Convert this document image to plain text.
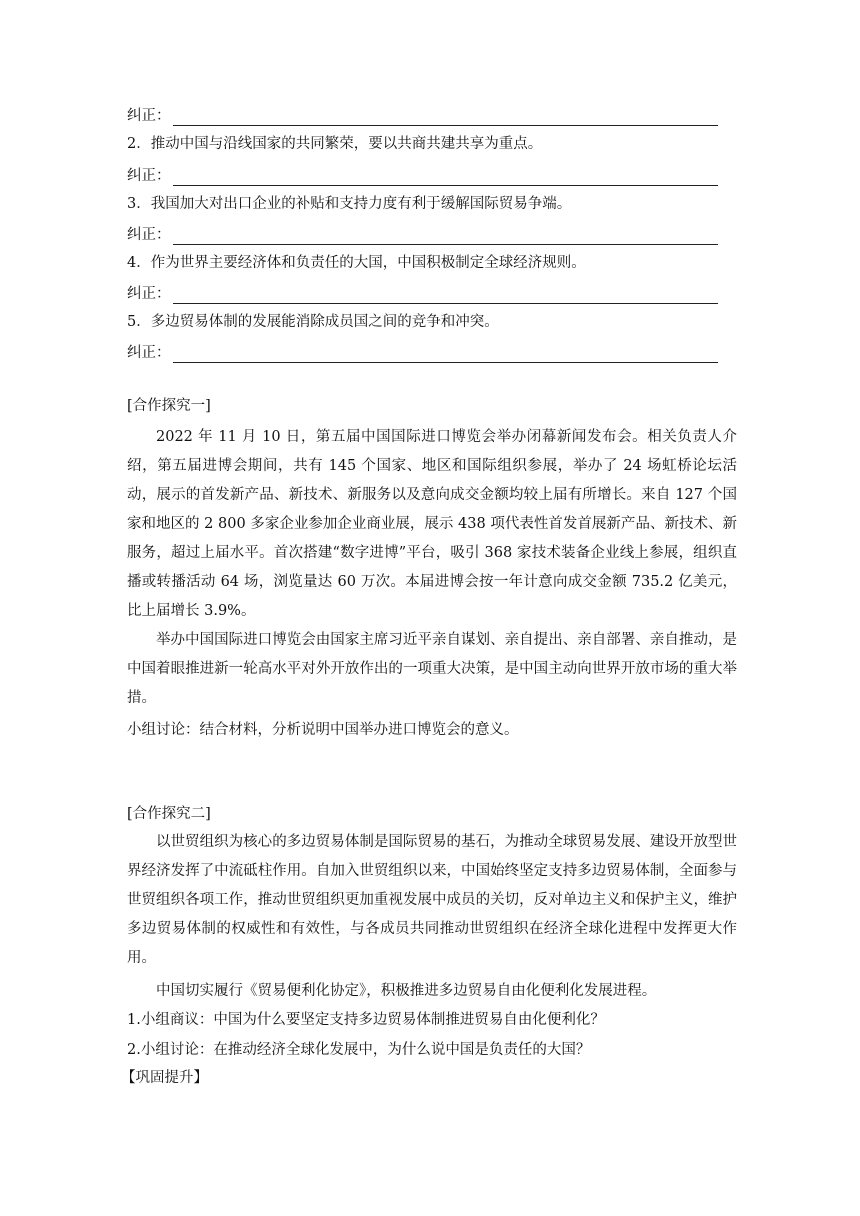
纠正：
2．推动中国与沿线国家的共同繁荣，要以共商共建共享为重点。
纠正：
3．我国加大对出口企业的补贴和支持力度有利于缓解国际贸易争端。
纠正：
4．作为世界主要经济体和负责任的大国，中国积极制定全球经济规则。
纠正：
5．多边贸易体制的发展能消除成员国之间的竞争和冲突。
纠正：
[合作探究一]

2022 年 11 月 10 日，第五届中国国际进口博览会举办闭幕新闻发布会。相关负责人介绍，第五届进博会期间，共有 145 个国家、地区和国际组织参展，举办了 24 场虹桥论坛活动，展示的首发新产品、新技术、新服务以及意向成交金额均较上届有所增长。来自 127 个国家和地区的 2 800 多家企业参加企业商业展，展示 438 项代表性首发首展新产品、新技术、新服务，超过上届水平。首次搭建“数字进博”平台，吸引 368 家技术装备企业线上参展，组织直播或转播活动 64 场，浏览量达 60 万次。本届进博会按一年计意向成交金额 735.2 亿美元，比上届增长 3.9%。

举办中国国际进口博览会由国家主席习近平亲自谋划、亲自提出、亲自部署、亲自推动，是中国着眼推进新一轮高水平对外开放作出的一项重大决策，是中国主动向世界开放市场的重大举措。

小组讨论：结合材料，分析说明中国举办进口博览会的意义。
[合作探究二]

以世贸组织为核心的多边贸易体制是国际贸易的基石，为推动全球贸易发展、建设开放型世界经济发挥了中流砥柱作用。自加入世贸组织以来，中国始终坚定支持多边贸易体制，全面参与世贸组织各项工作，推动世贸组织更加重视发展中成员的关切，反对单边主义和保护主义，维护多边贸易体制的权威性和有效性，与各成员共同推动世贸组织在经济全球化进程中发挥更大作用。

中国切实履行《贸易便利化协定》，积极推进多边贸易自由化便利化发展进程。

1.小组商议：中国为什么要坚定支持多边贸易体制推进贸易自由化便利化？
2.小组讨论：在推动经济全球化发展中，为什么说中国是负责任的大国？
【巩固提升】
